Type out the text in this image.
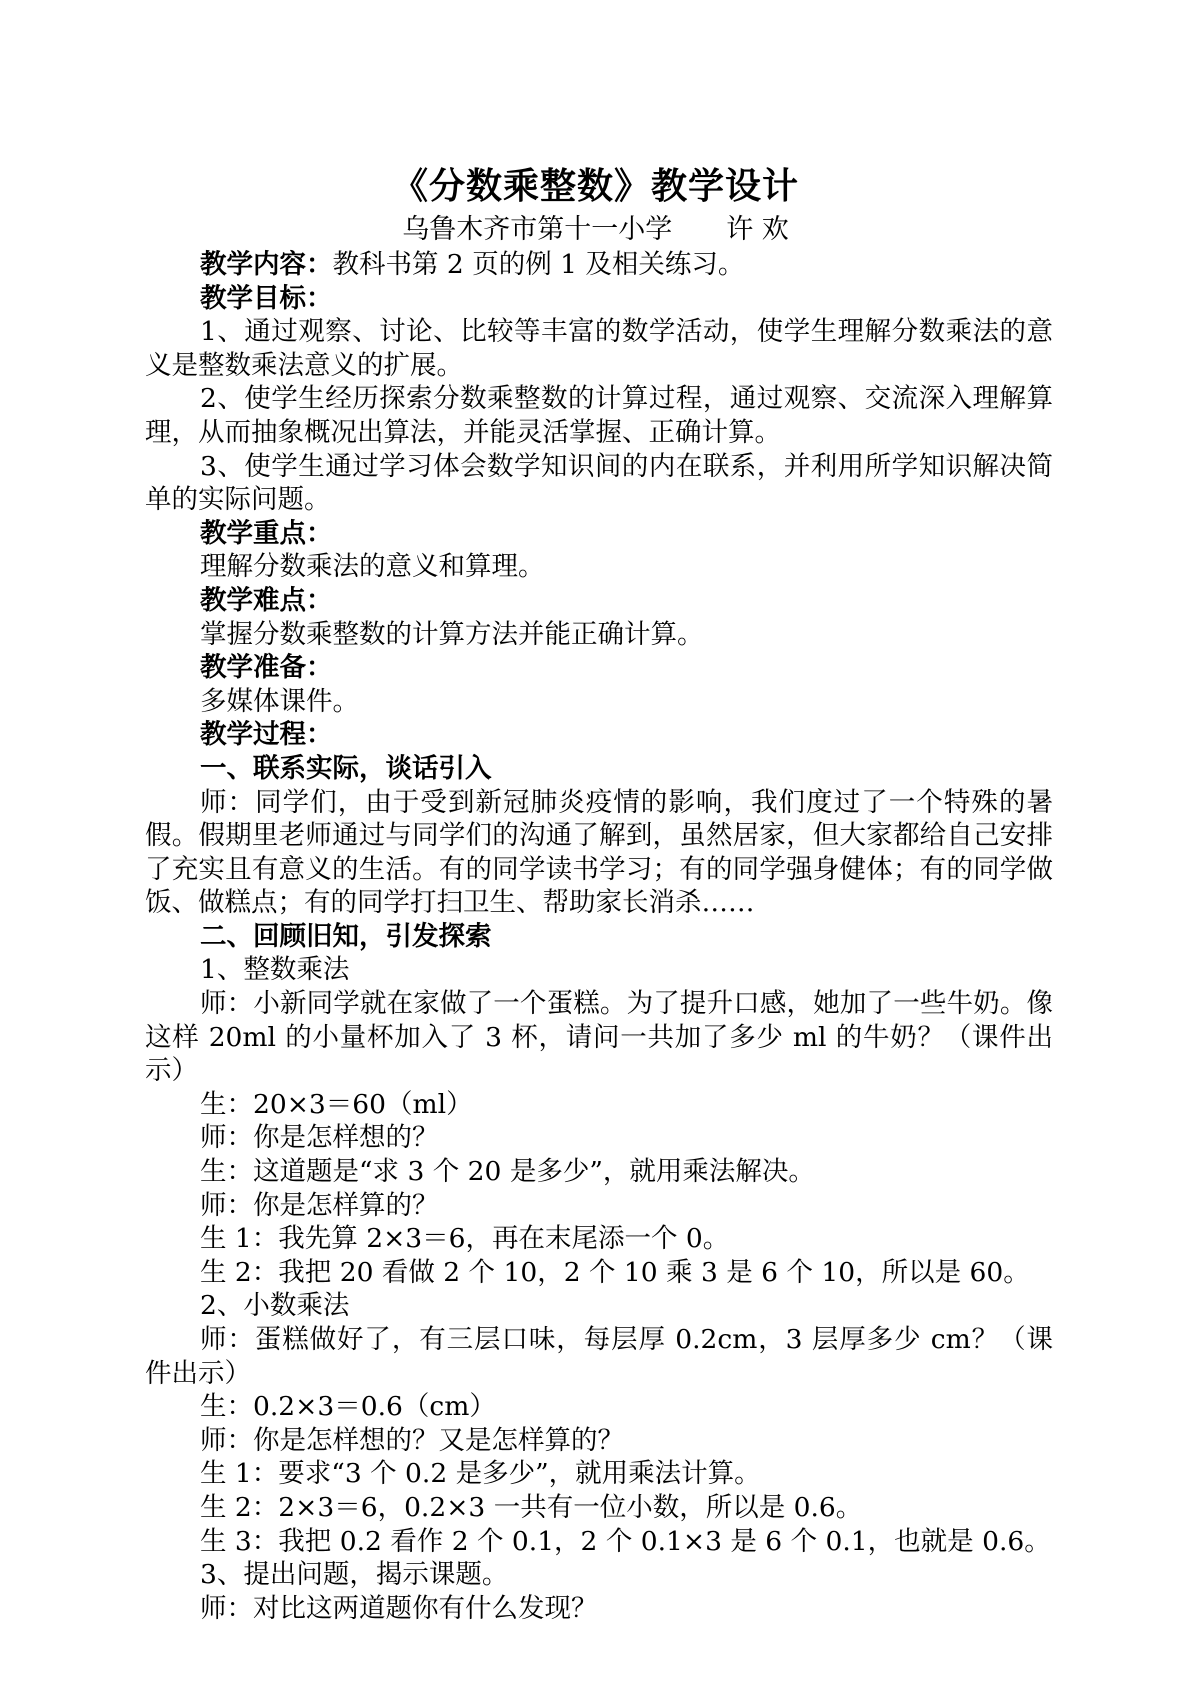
《分数乘整数》教学设计
乌鲁木齐市第十一小学 许 欢

教学内容：教科书第 2 页的例 1 及相关练习。

教学目标：

1、通过观察、讨论、比较等丰富的数学活动，使学生理解分数乘法的意义是整数乘法意义的扩展。

2、使学生经历探索分数乘整数的计算过程，通过观察、交流深入理解算理，从而抽象概况出算法，并能灵活掌握、正确计算。

3、使学生通过学习体会数学知识间的内在联系，并利用所学知识解决简单的实际问题。

教学重点：

理解分数乘法的意义和算理。

教学难点：

掌握分数乘整数的计算方法并能正确计算。

教学准备：

多媒体课件。

教学过程：

一、联系实际，谈话引入

师：同学们，由于受到新冠肺炎疫情的影响，我们度过了一个特殊的暑假。假期里老师通过与同学们的沟通了解到，虽然居家，但大家都给自己安排了充实且有意义的生活。有的同学读书学习；有的同学强身健体；有的同学做饭、做糕点；有的同学打扫卫生、帮助家长消杀……

二、回顾旧知，引发探索

1、整数乘法

师：小新同学就在家做了一个蛋糕。为了提升口感，她加了一些牛奶。像这样 20ml 的小量杯加入了 3 杯，请问一共加了多少 ml 的牛奶？（课件出示）

生：20×3＝60（ml）

师：你是怎样想的？

生：这道题是“求 3 个 20 是多少”，就用乘法解决。

师：你是怎样算的？

生 1：我先算 2×3＝6，再在末尾添一个 0。

生 2：我把 20 看做 2 个 10，2 个 10 乘 3 是 6 个 10，所以是 60。

2、小数乘法

师：蛋糕做好了，有三层口味，每层厚 0.2cm，3 层厚多少 cm？（课件出示）

生：0.2×3＝0.6（cm）

师：你是怎样想的？又是怎样算的？

生 1：要求“3 个 0.2 是多少”，就用乘法计算。

生 2：2×3＝6，0.2×3 一共有一位小数，所以是 0.6。

生 3：我把 0.2 看作 2 个 0.1，2 个 0.1×3 是 6 个 0.1，也就是 0.6。

3、提出问题，揭示课题。

师：对比这两道题你有什么发现？
